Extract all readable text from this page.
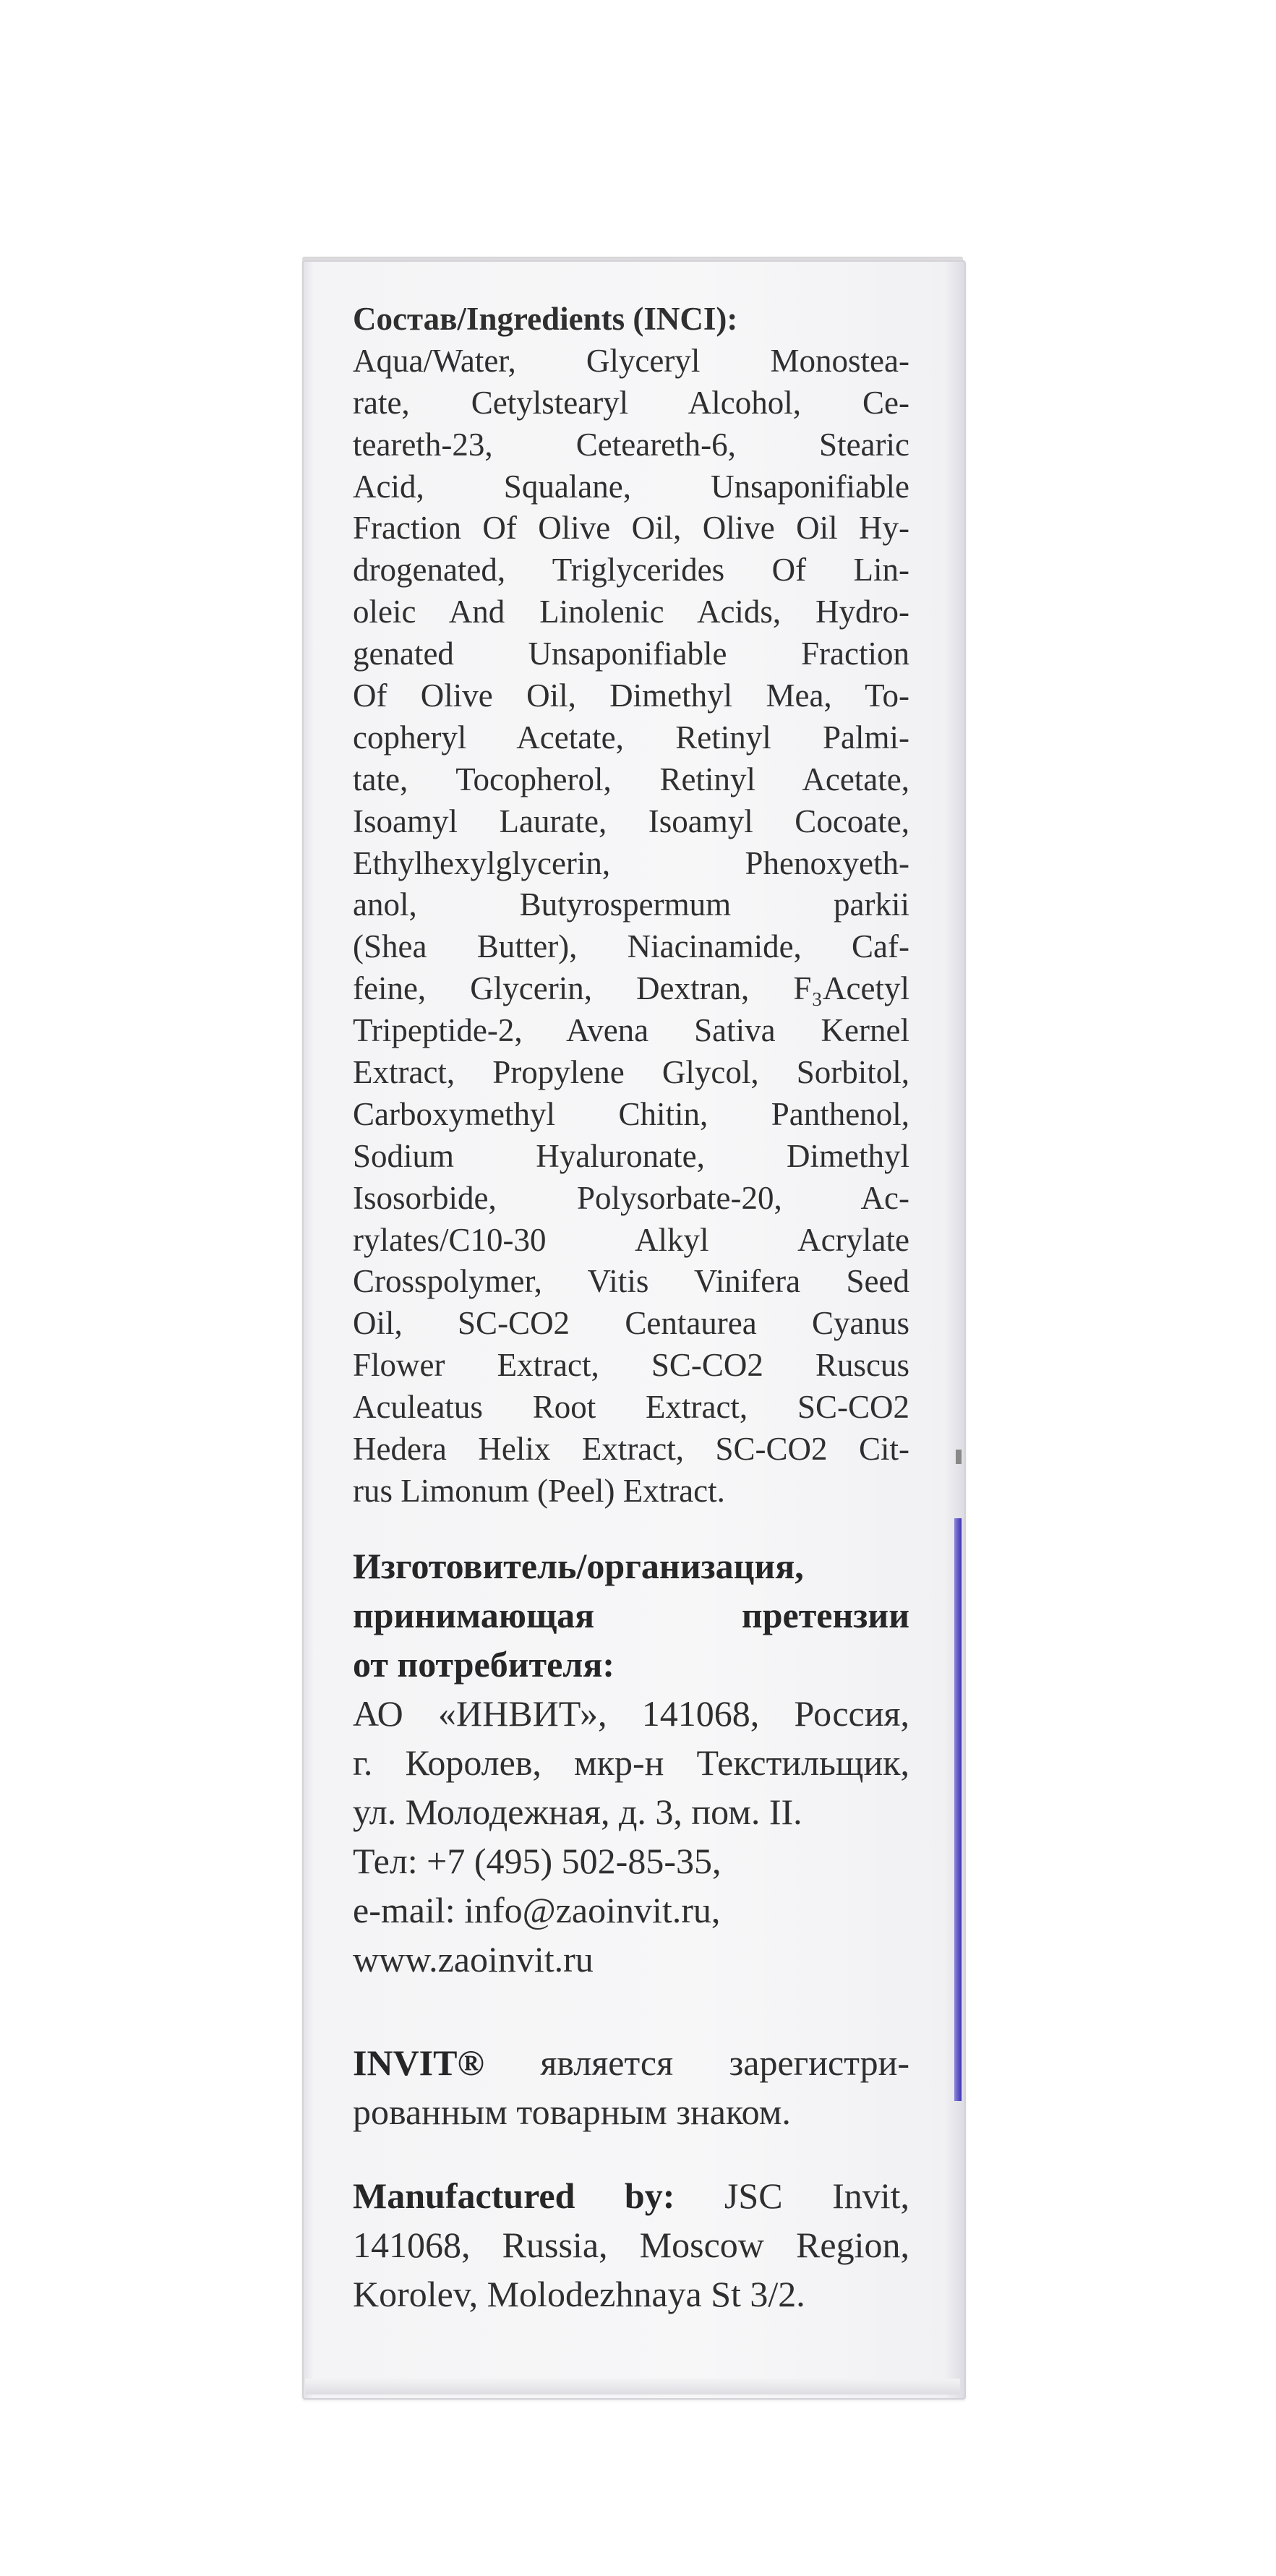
Состав/Ingredients (INCI):
Aqua/Water, Glyceryl Monostea-
rate, Cetylstearyl Alcohol, Ce-
teareth-23, Ceteareth-6, Stearic
Acid, Squalane, Unsaponifiable
Fraction Of Olive Oil, Olive Oil Hy-
drogenated, Triglycerides Of Lin-
oleic And Linolenic Acids, Hydro-
genated Unsaponifiable Fraction
Of Olive Oil, Dimethyl Mea, To-
copheryl Acetate, Retinyl Palmi-
tate, Tocopherol, Retinyl Acetate,
Isoamyl Laurate, Isoamyl Cocoate,
Ethylhexylglycerin, Phenoxyeth-
anol, Butyrospermum parkii
(Shea Butter), Niacinamide, Caf-
feine, Glycerin, Dextran, F₃Acetyl
Tripeptide-2, Avena Sativa Kernel
Extract, Propylene Glycol, Sorbitol,
Carboxymethyl Chitin, Panthenol,
Sodium Hyaluronate, Dimethyl
Isosorbide, Polysorbate-20, Ac-
rylates/C10-30 Alkyl Acrylate
Crosspolymer, Vitis Vinifera Seed
Oil, SC-CO2 Centaurea Cyanus
Flower Extract, SC-CO2 Ruscus
Aculeatus Root Extract, SC-CO2
Hedera Helix Extract, SC-CO2 Cit-
rus Limonum (Peel) Extract.
Изготовитель/организация,
принимающая претензии
от потребителя:
АО «ИНВИТ», 141068, Россия,
г. Королев, мкр-н Текстильщик,
ул. Молодежная, д. 3, пом. II.
Тел: +7 (495) 502-85-35,
e-mail: info@zaoinvit.ru,
www.zaoinvit.ru
INVIT® является зарегистри-
рованным товарным знаком.
Manufactured by: JSC Invit,
141068, Russia, Moscow Region,
Korolev, Molodezhnaya St 3/2.
